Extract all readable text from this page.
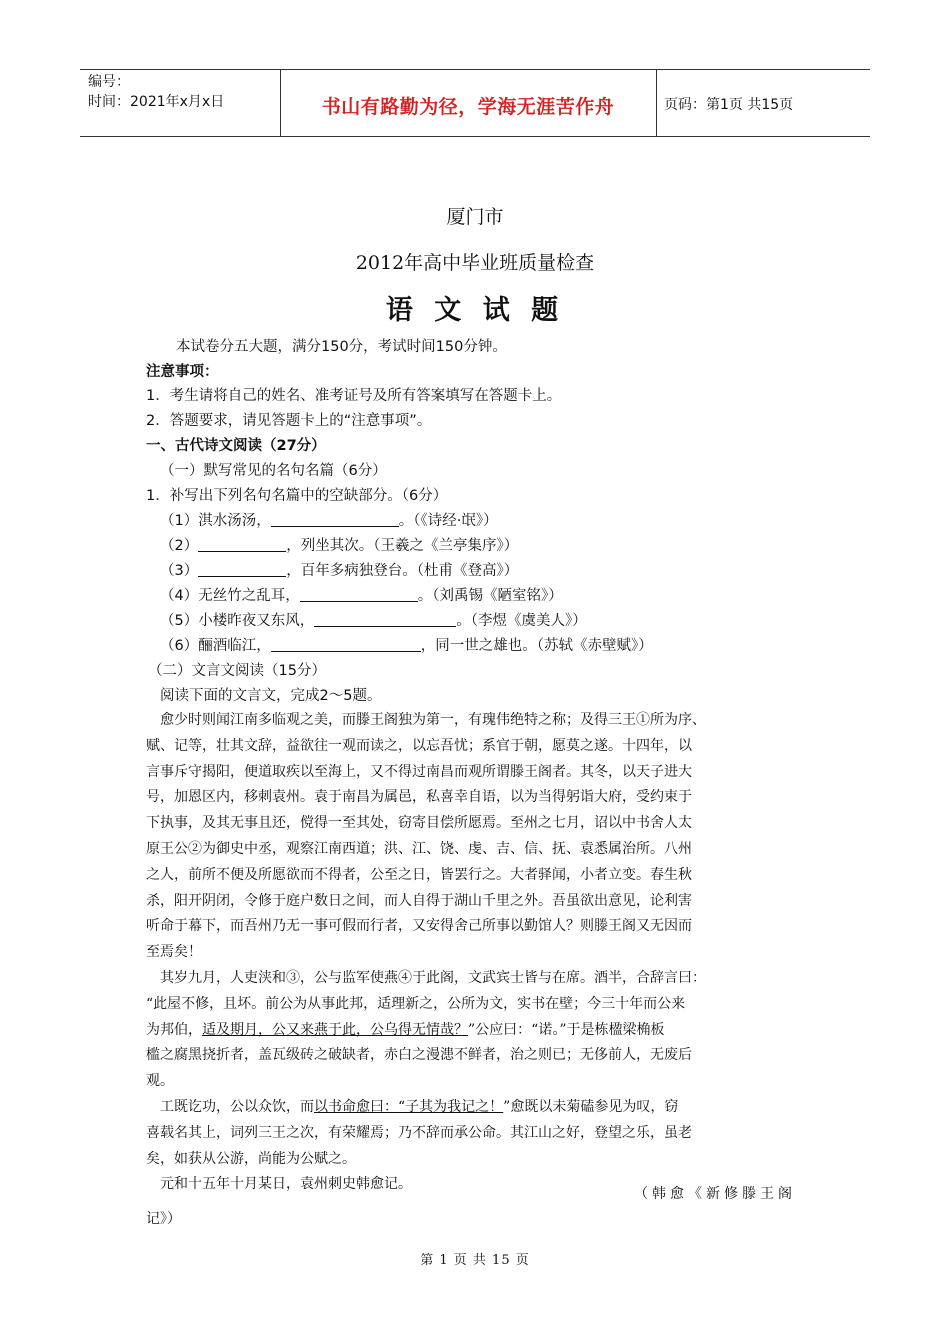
编号：
时间：2021年x月x日	书山有路勤为径，学海无涯苦作舟	页码：第1页 共15页
厦门市
2012年高中毕业班质量检查
语 文 试 题
本试卷分五大题，满分150分，考试时间150分钟。
注意事项：
1．考生请将自己的姓名、准考证号及所有答案填写在答题卡上。
2．答题要求，请见答题卡上的“注意事项”。
一、古代诗文阅读（27分）
（一）默写常见的名句名篇（6分）
1．补写出下列名句名篇中的空缺部分。（6分）
（1）淇水汤汤，	。（《诗经·氓》）
（2）	，列坐其次。（王羲之《兰亭集序》）
（3）	，百年多病独登台。（杜甫《登高》）
（4）无丝竹之乱耳，	。（刘禹锡《陋室铭》）
（5）小楼昨夜又东风，	。（李煜《虞美人》）
（6）酾酒临江，	，同一世之雄也。（苏轼《赤壁赋》）
（二）文言文阅读（15分）
阅读下面的文言文，完成2～5题。
愈少时则闻江南多临观之美，而滕王阁独为第一，有瑰伟绝特之称；及得三王①所为序、
赋、记等，壮其文辞，益欲往一观而读之，以忘吾忧；系官于朝，愿莫之遂。十四年，以
言事斥守揭阳，便道取疾以至海上，又不得过南昌而观所谓滕王阁者。其冬，以天子进大
号，加恩区内，移刺袁州。袁于南昌为属邑，私喜幸自语，以为当得躬诣大府，受约束于
下执事，及其无事且还，傥得一至其处，窃寄目偿所愿焉。至州之七月，诏以中书舍人太
原王公②为御史中丞，观察江南西道；洪、江、饶、虔、吉、信、抚、袁悉属治所。八州
之人，前所不便及所愿欲而不得者，公至之日，皆罢行之。大者驿闻，小者立变。春生秋
杀，阳开阴闭，令修于庭户数日之间，而人自得于湖山千里之外。吾虽欲出意见，论利害
听命于幕下，而吾州乃无一事可假而行者，又安得舍己所事以勤馆人？则滕王阁又无因而
至焉矣！
其岁九月，人吏浃和③，公与监军使燕④于此阁，文武宾士皆与在席。酒半，合辞言曰：
“此屋不修，且坏。前公为从事此邦，适理新之，公所为文，实书在壁；今三十年而公来
为邦伯，适及期月，公又来燕于此，公乌得无情哉？”公应曰：“诺。”于是栋楹梁桷板
槛之腐黑挠折者，盖瓦级砖之破缺者，赤白之漫漶不鲜者，治之则已；无侈前人，无废后
观。
工既讫功，公以众饮，而以书命愈曰：“子其为我记之！”愈既以未菊磕参见为叹，窃
喜载名其上，词列三王之次，有荣耀焉；乃不辞而承公命。其江山之好，登望之乐，虽老
矣，如获从公游，尚能为公赋之。
元和十五年十月某日，袁州刺史韩愈记。
（韩愈《新修滕王阁
记》）
第 1 页 共 15 页
